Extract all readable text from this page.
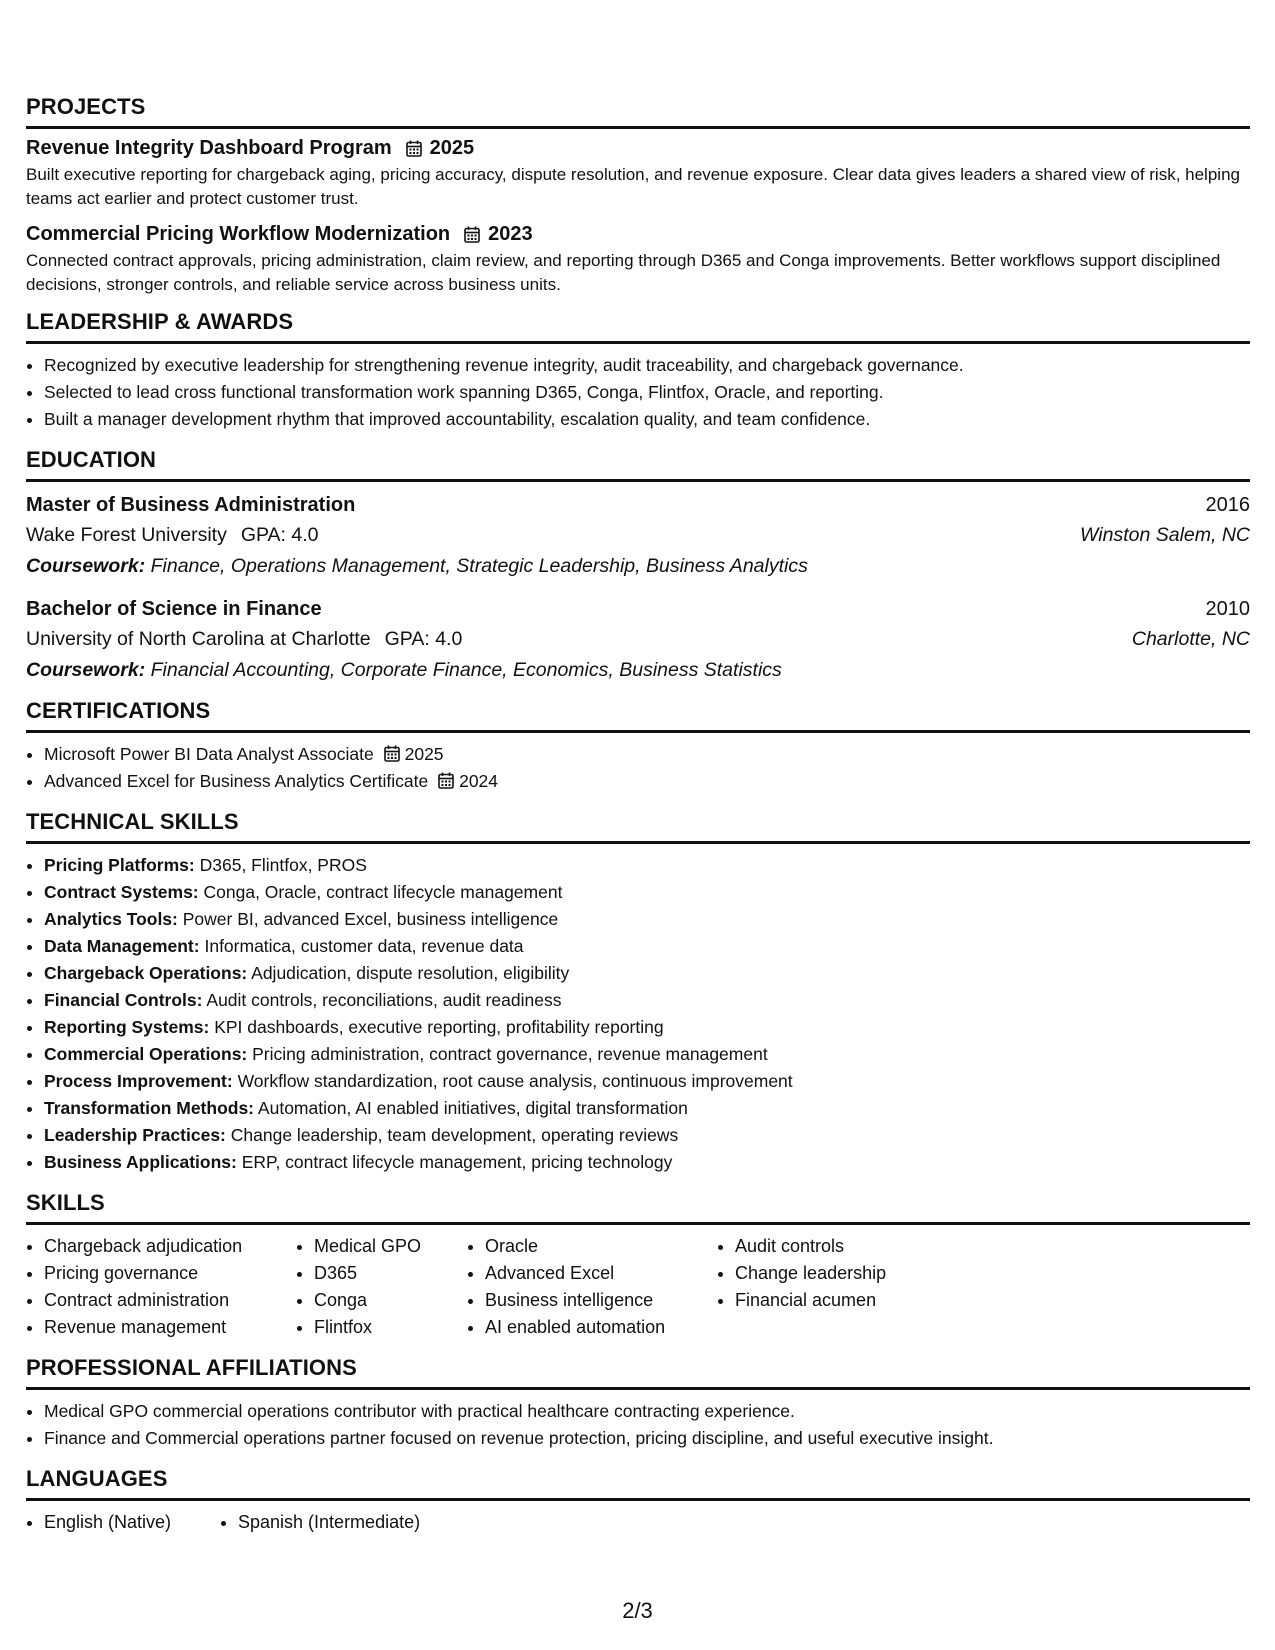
PROJECTS
Revenue Integrity Dashboard Program 2025
Built executive reporting for chargeback aging, pricing accuracy, dispute resolution, and revenue exposure. Clear data gives leaders a shared view of risk, helping teams act earlier and protect customer trust.
Commercial Pricing Workflow Modernization 2023
Connected contract approvals, pricing administration, claim review, and reporting through D365 and Conga improvements. Better workflows support disciplined decisions, stronger controls, and reliable service across business units.
LEADERSHIP & AWARDS
• Recognized by executive leadership for strengthening revenue integrity, audit traceability, and chargeback governance.
• Selected to lead cross functional transformation work spanning D365, Conga, Flintfox, Oracle, and reporting.
• Built a manager development rhythm that improved accountability, escalation quality, and team confidence.
EDUCATION
Master of Business Administration	2016
Wake Forest University GPA: 4.0	Winston Salem, NC
Coursework: Finance, Operations Management, Strategic Leadership, Business Analytics
Bachelor of Science in Finance	2010
University of North Carolina at Charlotte GPA: 4.0	Charlotte, NC
Coursework: Financial Accounting, Corporate Finance, Economics, Business Statistics
CERTIFICATIONS
• Microsoft Power BI Data Analyst Associate 2025
• Advanced Excel for Business Analytics Certificate 2024
TECHNICAL SKILLS
• Pricing Platforms: D365, Flintfox, PROS
• Contract Systems: Conga, Oracle, contract lifecycle management
• Analytics Tools: Power BI, advanced Excel, business intelligence
• Data Management: Informatica, customer data, revenue data
• Chargeback Operations: Adjudication, dispute resolution, eligibility
• Financial Controls: Audit controls, reconciliations, audit readiness
• Reporting Systems: KPI dashboards, executive reporting, profitability reporting
• Commercial Operations: Pricing administration, contract governance, revenue management
• Process Improvement: Workflow standardization, root cause analysis, continuous improvement
• Transformation Methods: Automation, AI enabled initiatives, digital transformation
• Leadership Practices: Change leadership, team development, operating reviews
• Business Applications: ERP, contract lifecycle management, pricing technology
SKILLS
• Chargeback adjudication
• Pricing governance
• Contract administration
• Revenue management
• Medical GPO
• D365
• Conga
• Flintfox
• Oracle
• Advanced Excel
• Business intelligence
• AI enabled automation
• Audit controls
• Change leadership
• Financial acumen
PROFESSIONAL AFFILIATIONS
• Medical GPO commercial operations contributor with practical healthcare contracting experience.
• Finance and Commercial operations partner focused on revenue protection, pricing discipline, and useful executive insight.
LANGUAGES
• English (Native)
•	Spanish (Intermediate)
2/3
